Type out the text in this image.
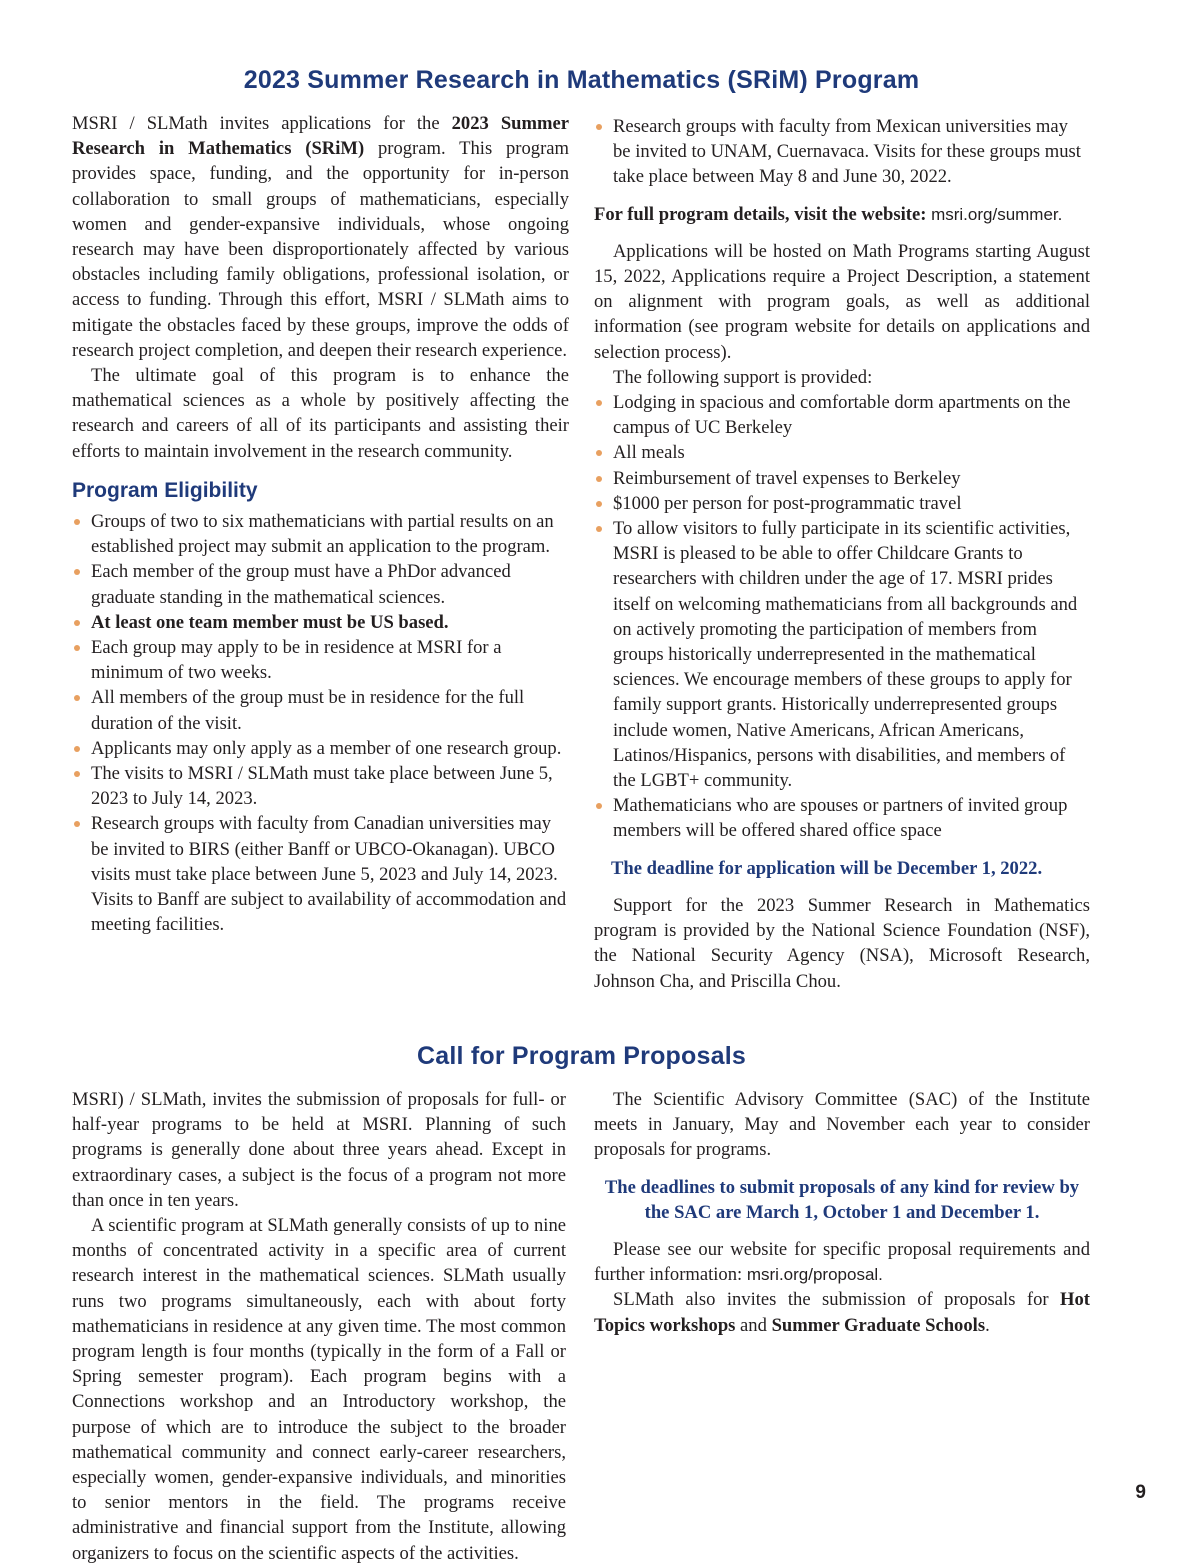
2023 Summer Research in Mathematics (SRiM) Program

MSRI / SLMath invites applications for the 2023 Summer Research in Mathematics (SRiM) program. This program provides space, funding, and the opportunity for in-person collaboration to small groups of mathematicians, especially women and gender-expansive individuals, whose ongoing research may have been disproportionately affected by various obstacles including family obligations, professional isolation, or access to funding. Through this effort, MSRI / SLMath aims to mitigate the obstacles faced by these groups, improve the odds of research project completion, and deepen their research experience.

The ultimate goal of this program is to enhance the mathematical sciences as a whole by positively affecting the research and careers of all of its participants and assisting their efforts to maintain involvement in the research community.

Program Eligibility
Groups of two to six mathematicians with partial results on an established project may submit an application to the program.
Each member of the group must have a PhDor advanced graduate standing in the mathematical sciences.
At least one team member must be US based.
Each group may apply to be in residence at MSRI for a minimum of two weeks.
All members of the group must be in residence for the full duration of the visit.
Applicants may only apply as a member of one research group.
The visits to MSRI / SLMath must take place between June 5, 2023 to July 14, 2023.
Research groups with faculty from Canadian universities may be invited to BIRS (either Banff or UBCO-Okanagan). UBCO visits must take place between June 5, 2023 and July 14, 2023. Visits to Banff are subject to availability of accommodation and meeting facilities.
Research groups with faculty from Mexican universities may be invited to UNAM, Cuernavaca. Visits for these groups must take place between May 8 and June 30, 2022.

For full program details, visit the website: msri.org/summer.

Applications will be hosted on Math Programs starting August 15, 2022, Applications require a Project Description, a statement on alignment with program goals, as well as additional information (see program website for details on applications and selection process).

The following support is provided:

Lodging in spacious and comfortable dorm apartments on the campus of UC Berkeley
All meals
Reimbursement of travel expenses to Berkeley
$1000 per person for post-programmatic travel
To allow visitors to fully participate in its scientific activities, MSRI is pleased to be able to offer Childcare Grants to researchers with children under the age of 17. MSRI prides itself on welcoming mathematicians from all backgrounds and on actively promoting the participation of members from groups historically underrepresented in the mathematical sciences. We encourage members of these groups to apply for family support grants. Historically underrepresented groups include women, Native Americans, African Americans, Latinos/Hispanics, persons with disabilities, and members of the LGBT+ community.
Mathematicians who are spouses or partners of invited group members will be offered shared office space

The deadline for application will be December 1, 2022.

Support for the 2023 Summer Research in Mathematics program is provided by the National Science Foundation (NSF), the National Security Agency (NSA), Microsoft Research, Johnson Cha, and Priscilla Chou.

Call for Program Proposals

MSRI) / SLMath, invites the submission of proposals for full- or half-year programs to be held at MSRI. Planning of such programs is generally done about three years ahead. Except in extraordinary cases, a subject is the focus of a program not more than once in ten years.

A scientific program at SLMath generally consists of up to nine months of concentrated activity in a specific area of current research interest in the mathematical sciences. SLMath usually runs two programs simultaneously, each with about forty mathematicians in residence at any given time. The most common program length is four months (typically in the form of a Fall or Spring semester program). Each program begins with a Connections workshop and an Introductory workshop, the purpose of which are to introduce the subject to the broader mathematical community and connect early-career researchers, especially women, gender-expansive individuals, and minorities to senior mentors in the field. The programs receive administrative and financial support from the Institute, allowing organizers to focus on the scientific aspects of the activities.

The Scientific Advisory Committee (SAC) of the Institute meets in January, May and November each year to consider proposals for programs.

The deadlines to submit proposals of any kind for review by the SAC are March 1, October 1 and December 1.

Please see our website for specific proposal requirements and further information: msri.org/proposal.

SLMath also invites the submission of proposals for Hot Topics workshops and Summer Graduate Schools.

9
